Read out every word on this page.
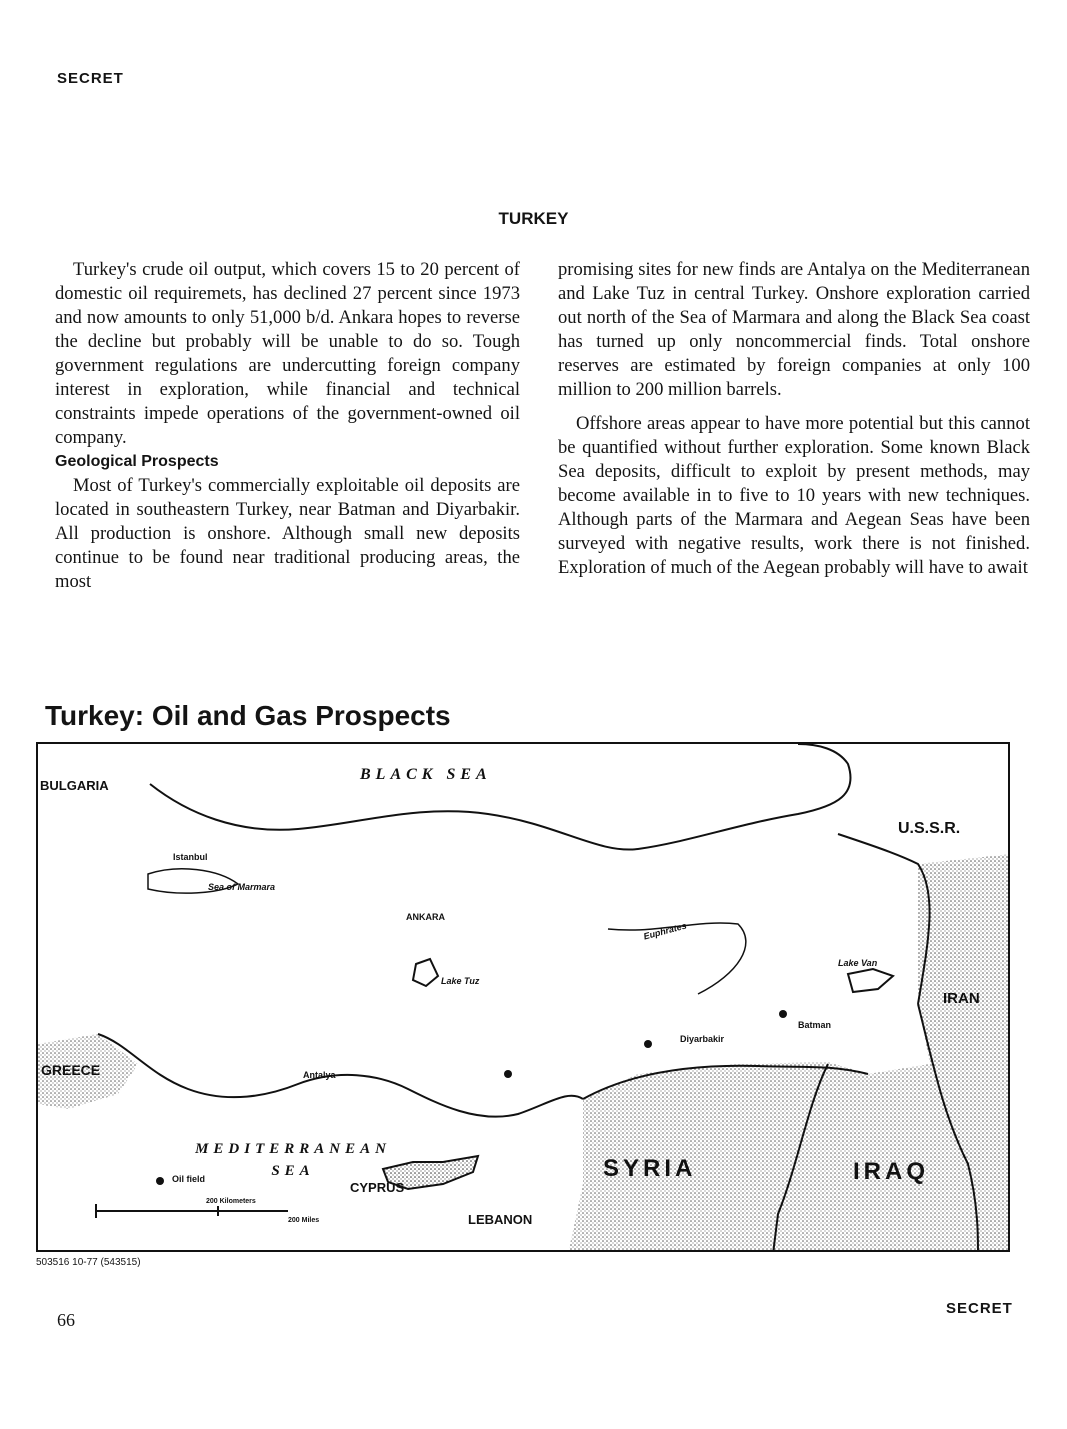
SECRET
TURKEY

Turkey's crude oil output, which covers 15 to 20 percent of domestic oil requiremets, has declined 27 percent since 1973 and now amounts to only 51,000 b/d. Ankara hopes to reverse the decline but probably will be unable to do so. Tough government regulations are undercutting foreign company interest in exploration, while financial and technical constraints impede operations of the government-owned oil company.

Geological Prospects

Most of Turkey's commercially exploitable oil deposits are located in southeastern Turkey, near Batman and Diyarbakir. All production is onshore. Although small new deposits continue to be found near traditional producing areas, the most

promising sites for new finds are Antalya on the Mediterranean and Lake Tuz in central Turkey. Onshore exploration carried out north of the Sea of Marmara and along the Black Sea coast has turned up only noncommercial finds. Total onshore reserves are estimated by foreign companies at only 100 million to 200 million barrels.

Offshore areas appear to have more potential but this cannot be quantified without further exploration. Some known Black Sea deposits, difficult to exploit by present methods, may become available in to five to 10 years with new techniques. Although parts of the Marmara and Aegean Seas have been surveyed with negative results, work there is not finished. Exploration of much of the Aegean probably will have to await

Turkey: Oil and Gas Prospects
BLACK SEA
BULGARIA
U.S.S.R.
Istanbul
Sea of Marmara
ANKARA
Euphrates
Lake Van
Lake Tuz
IRAN
GREECE	Antalya
Diyarbakir
Batman
MEDITERRANEAN SEA	SYRIA	IRAQ
CYPRUS
LEBANON
Oil field
200 Kilometers
200 Miles
503516 10-77 (543515)
66
SECRET
